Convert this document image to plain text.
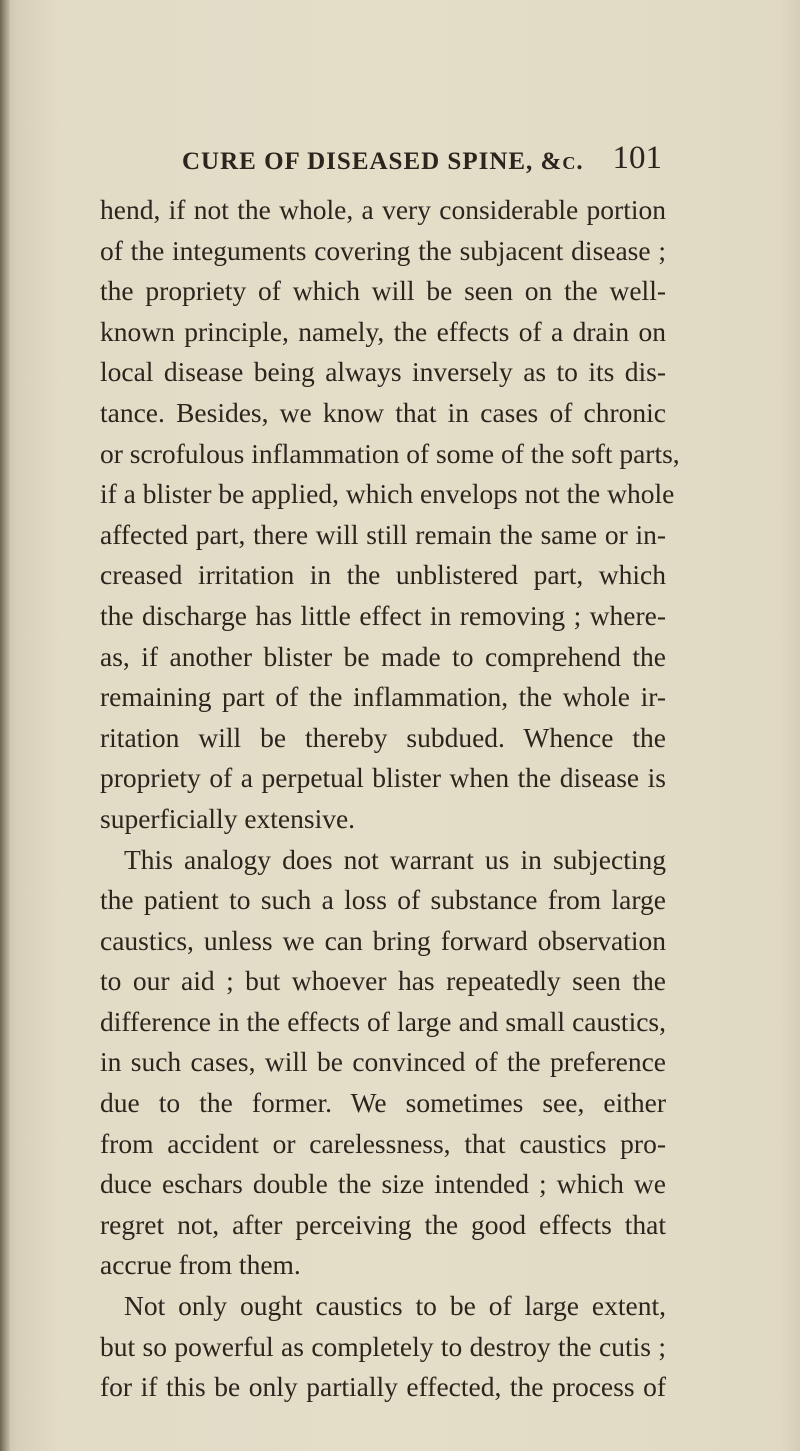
CURE OF DISEASED SPINE, &c. 101
hend, if not the whole, a very considerable portion
of the integuments covering the subjacent disease ;
the propriety of which will be seen on the well-
known principle, namely, the effects of a drain on
local disease being always inversely as to its dis-
tance. Besides, we know that in cases of chronic
or scrofulous inflammation of some of the soft parts,
if a blister be applied, which envelops not the whole
affected part, there will still remain the same or in-
creased irritation in the unblistered part, which
the discharge has little effect in removing ; where-
as, if another blister be made to comprehend the
remaining part of the inflammation, the whole ir-
ritation will be thereby subdued. Whence the
propriety of a perpetual blister when the disease is
superficially extensive.
This analogy does not warrant us in subjecting
the patient to such a loss of substance from large
caustics, unless we can bring forward observation
to our aid ; but whoever has repeatedly seen the
difference in the effects of large and small caustics,
in such cases, will be convinced of the preference
due to the former. We sometimes see, either
from accident or carelessness, that caustics pro-
duce eschars double the size intended ; which we
regret not, after perceiving the good effects that
accrue from them.
Not only ought caustics to be of large extent,
but so powerful as completely to destroy the cutis ;
for if this be only partially effected, the process of
